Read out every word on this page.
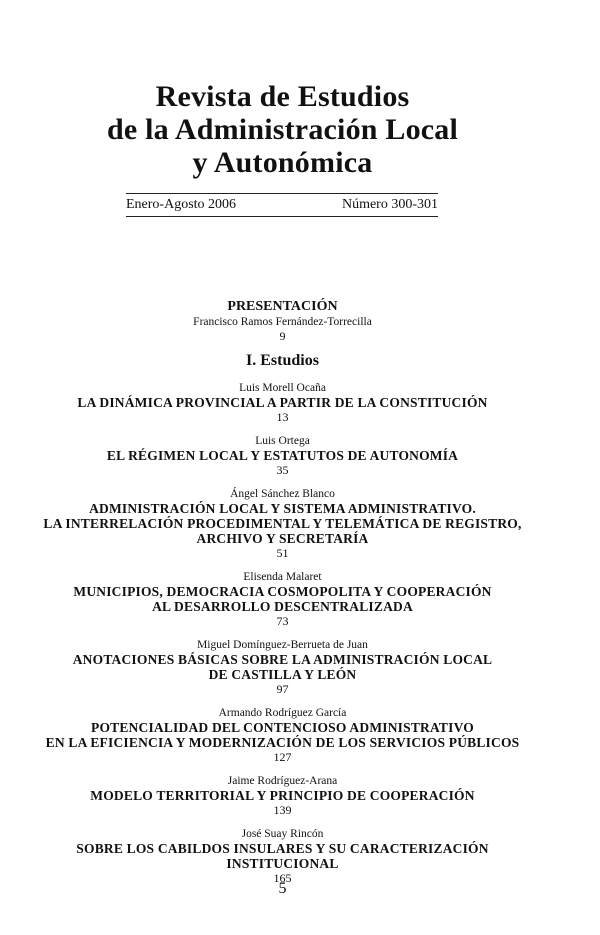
Revista de Estudios
de la Administración Local
y Autonómica
Enero-Agosto 2006	Número 300-301
PRESENTACIÓN
Francisco Ramos Fernández-Torrecilla
9
I. Estudios
Luis Morell Ocaña
LA DINÁMICA PROVINCIAL A PARTIR DE LA CONSTITUCIÓN
13
Luis Ortega
EL RÉGIMEN LOCAL Y ESTATUTOS DE AUTONOMÍA
35
Ángel Sánchez Blanco
ADMINISTRACIÓN LOCAL Y SISTEMA ADMINISTRATIVO.
LA INTERRELACIÓN PROCEDIMENTAL Y TELEMÁTICA DE REGISTRO,
ARCHIVO Y SECRETARÍA
51
Elisenda Malaret
MUNICIPIOS, DEMOCRACIA COSMOPOLITA Y COOPERACIÓN
AL DESARROLLO DESCENTRALIZADA
73
Miguel Domínguez-Berrueta de Juan
ANOTACIONES BÁSICAS SOBRE LA ADMINISTRACIÓN LOCAL
DE CASTILLA Y LEÓN
97
Armando Rodríguez García
POTENCIALIDAD DEL CONTENCIOSO ADMINISTRATIVO
EN LA EFICIENCIA Y MODERNIZACIÓN DE LOS SERVICIOS PÚBLICOS
127
Jaime Rodríguez-Arana
MODELO TERRITORIAL Y PRINCIPIO DE COOPERACIÓN
139
José Suay Rincón
SOBRE LOS CABILDOS INSULARES Y SU CARACTERIZACIÓN
INSTITUCIONAL
165
5
